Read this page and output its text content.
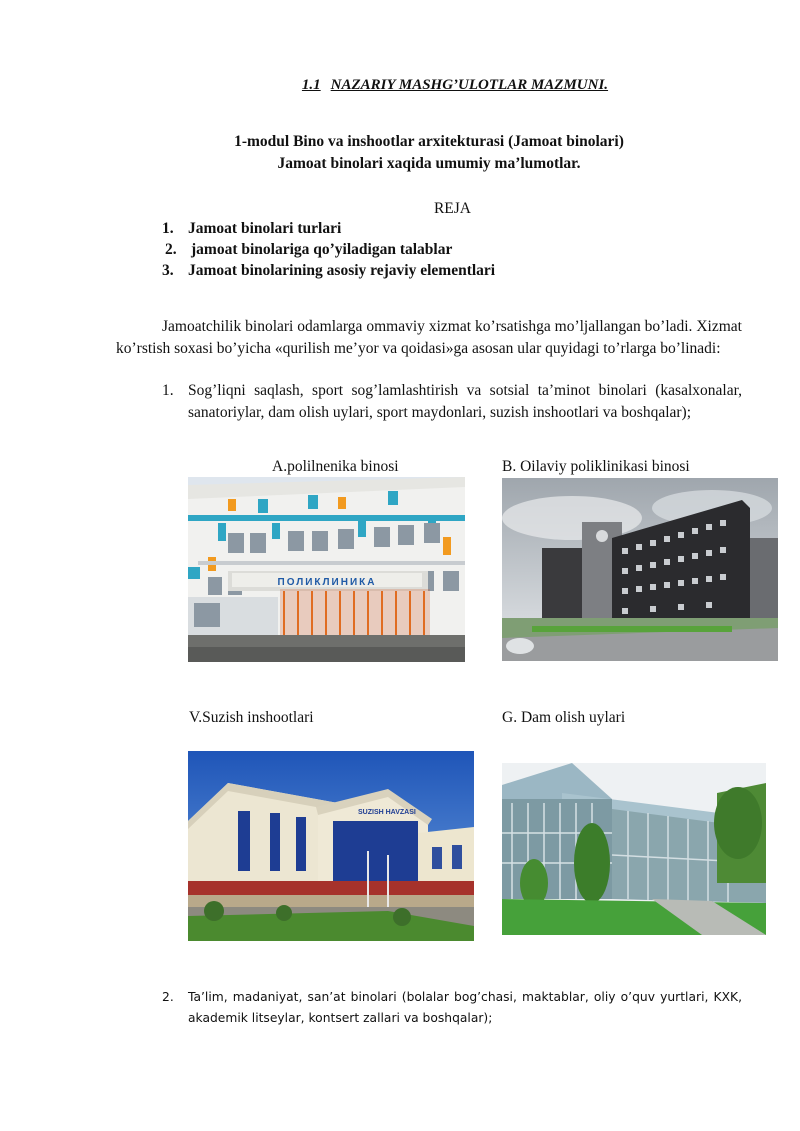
1.1 NAZARIY MASHG’ULOTLAR MAZMUNI.
1-modul Bino va inshootlar arxitekturasi (Jamoat binolari)
Jamoat binolari xaqida umumiy ma’lumotlar.
REJA
1. Jamoat binolari turlari
2. jamoat binolariga qo’yiladigan talablar
3. Jamoat binolarining asosiy rejaviy elementlari
Jamoatchilik binolari odamlarga ommaviy xizmat ko’rsatishga mo’ljallangan bo’ladi. Xizmat ko’rstish soxasi bo’yicha «qurilish me’yor va qoidasi»ga asosan ular quyidagi to’rlarga bo’linadi:
1. Sog’liqni saqlash, sport sog’lamlashtirish va sotsial ta’minot binolari (kasalxonalar, sanatoriylar, dam olish uylari, sport maydonlari, suzish inshootlari va boshqalar);
A.polilnenika binosi	B. Oilaviy poliklinikasi binosi
ПОЛИКЛИНИКА
V.Suzish inshootlari	G. Dam olish uylari
SUZISH HAVZASI
2. Ta’lim, madaniyat, san’at binolari (bolalar bog’chasi, maktablar, oliy o’quv yurtlari, KXK, akademik litseylar, kontsert zallari va boshqalar);
